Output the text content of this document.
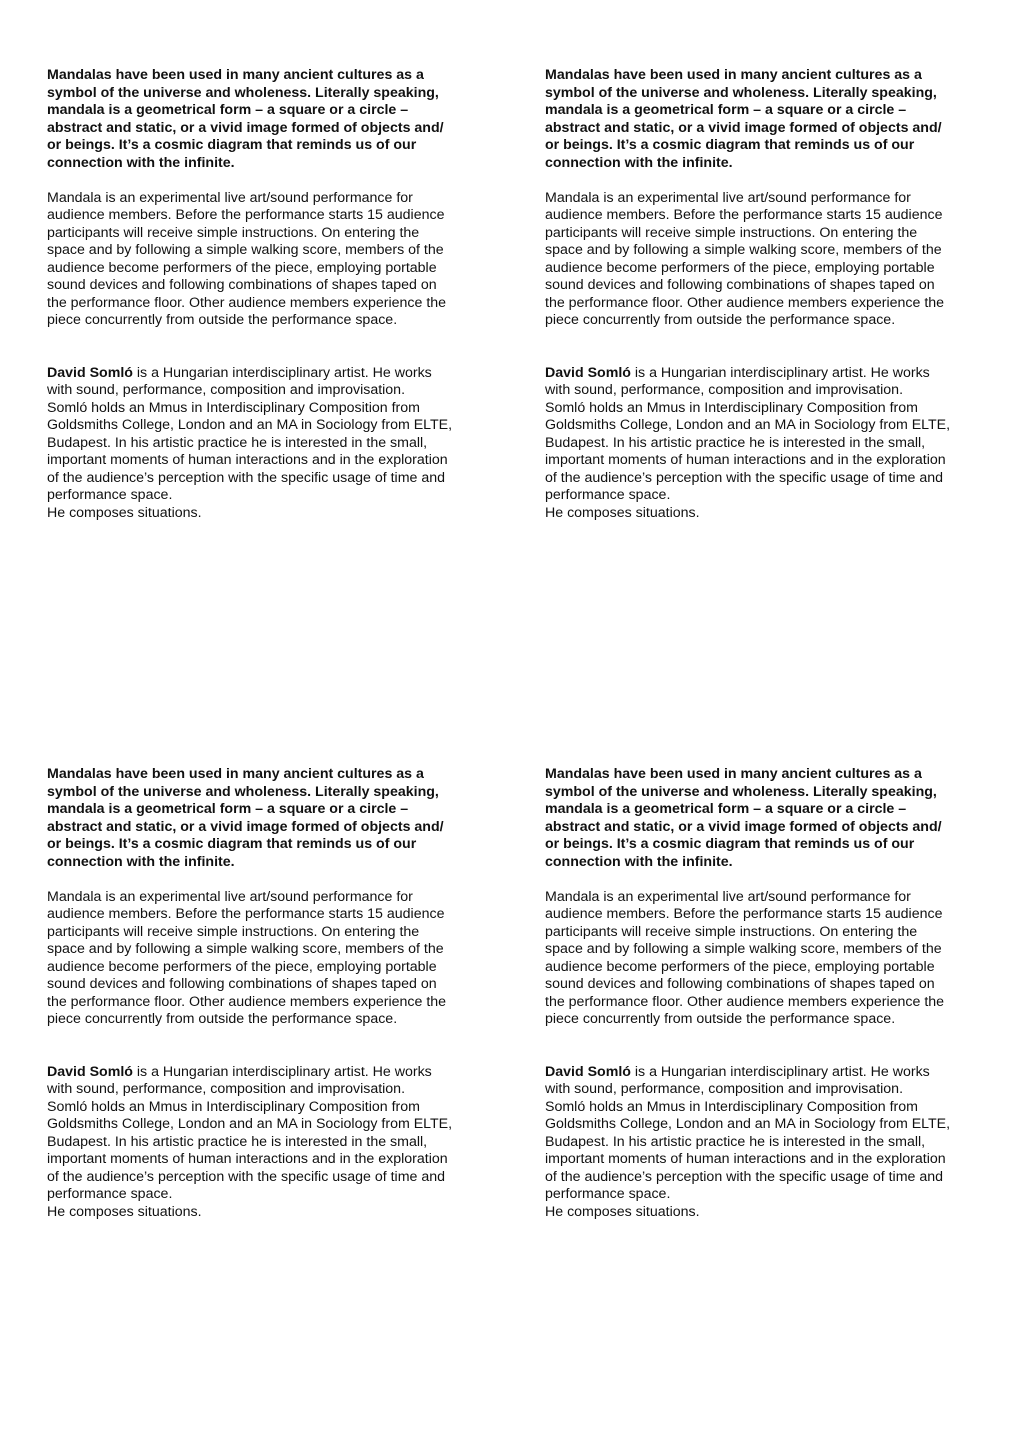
Mandalas have been used in many ancient cultures as a
symbol of the universe and wholeness. Literally speaking,
mandala is a geometrical form – a square or a circle –
abstract and static, or a vivid image formed of objects and/
or beings. It’s a cosmic diagram that reminds us of our
connection with the infinite.

Mandala is an experimental live art/sound performance for
audience members. Before the performance starts 15 audience
participants will receive simple instructions. On entering the
space and by following a simple walking score, members of the
audience become performers of the piece, employing portable
sound devices and following combinations of shapes taped on
the performance floor. Other audience members experience the
piece concurrently from outside the performance space.

David Somló is a Hungarian interdisciplinary artist. He works
with sound, performance, composition and improvisation.
Somló holds an Mmus in Interdisciplinary Composition from
Goldsmiths College, London and an MA in Sociology from ELTE,
Budapest. In his artistic practice he is interested in the small,
important moments of human interactions and in the exploration
of the audience’s perception with the specific usage of time and
performance space.
He composes situations.

Mandalas have been used in many ancient cultures as a
symbol of the universe and wholeness. Literally speaking,
mandala is a geometrical form – a square or a circle –
abstract and static, or a vivid image formed of objects and/
or beings. It’s a cosmic diagram that reminds us of our
connection with the infinite.

Mandala is an experimental live art/sound performance for
audience members. Before the performance starts 15 audience
participants will receive simple instructions. On entering the
space and by following a simple walking score, members of the
audience become performers of the piece, employing portable
sound devices and following combinations of shapes taped on
the performance floor. Other audience members experience the
piece concurrently from outside the performance space.

David Somló is a Hungarian interdisciplinary artist. He works
with sound, performance, composition and improvisation.
Somló holds an Mmus in Interdisciplinary Composition from
Goldsmiths College, London and an MA in Sociology from ELTE,
Budapest. In his artistic practice he is interested in the small,
important moments of human interactions and in the exploration
of the audience’s perception with the specific usage of time and
performance space.
He composes situations.

Mandalas have been used in many ancient cultures as a
symbol of the universe and wholeness. Literally speaking,
mandala is a geometrical form – a square or a circle –
abstract and static, or a vivid image formed of objects and/
or beings. It’s a cosmic diagram that reminds us of our
connection with the infinite.

Mandala is an experimental live art/sound performance for
audience members. Before the performance starts 15 audience
participants will receive simple instructions. On entering the
space and by following a simple walking score, members of the
audience become performers of the piece, employing portable
sound devices and following combinations of shapes taped on
the performance floor. Other audience members experience the
piece concurrently from outside the performance space.

David Somló is a Hungarian interdisciplinary artist. He works
with sound, performance, composition and improvisation.
Somló holds an Mmus in Interdisciplinary Composition from
Goldsmiths College, London and an MA in Sociology from ELTE,
Budapest. In his artistic practice he is interested in the small,
important moments of human interactions and in the exploration
of the audience’s perception with the specific usage of time and
performance space.
He composes situations.

Mandalas have been used in many ancient cultures as a
symbol of the universe and wholeness. Literally speaking,
mandala is a geometrical form – a square or a circle –
abstract and static, or a vivid image formed of objects and/
or beings. It’s a cosmic diagram that reminds us of our
connection with the infinite.

Mandala is an experimental live art/sound performance for
audience members. Before the performance starts 15 audience
participants will receive simple instructions. On entering the
space and by following a simple walking score, members of the
audience become performers of the piece, employing portable
sound devices and following combinations of shapes taped on
the performance floor. Other audience members experience the
piece concurrently from outside the performance space.

David Somló is a Hungarian interdisciplinary artist. He works
with sound, performance, composition and improvisation.
Somló holds an Mmus in Interdisciplinary Composition from
Goldsmiths College, London and an MA in Sociology from ELTE,
Budapest. In his artistic practice he is interested in the small,
important moments of human interactions and in the exploration
of the audience’s perception with the specific usage of time and
performance space.
He composes situations.
